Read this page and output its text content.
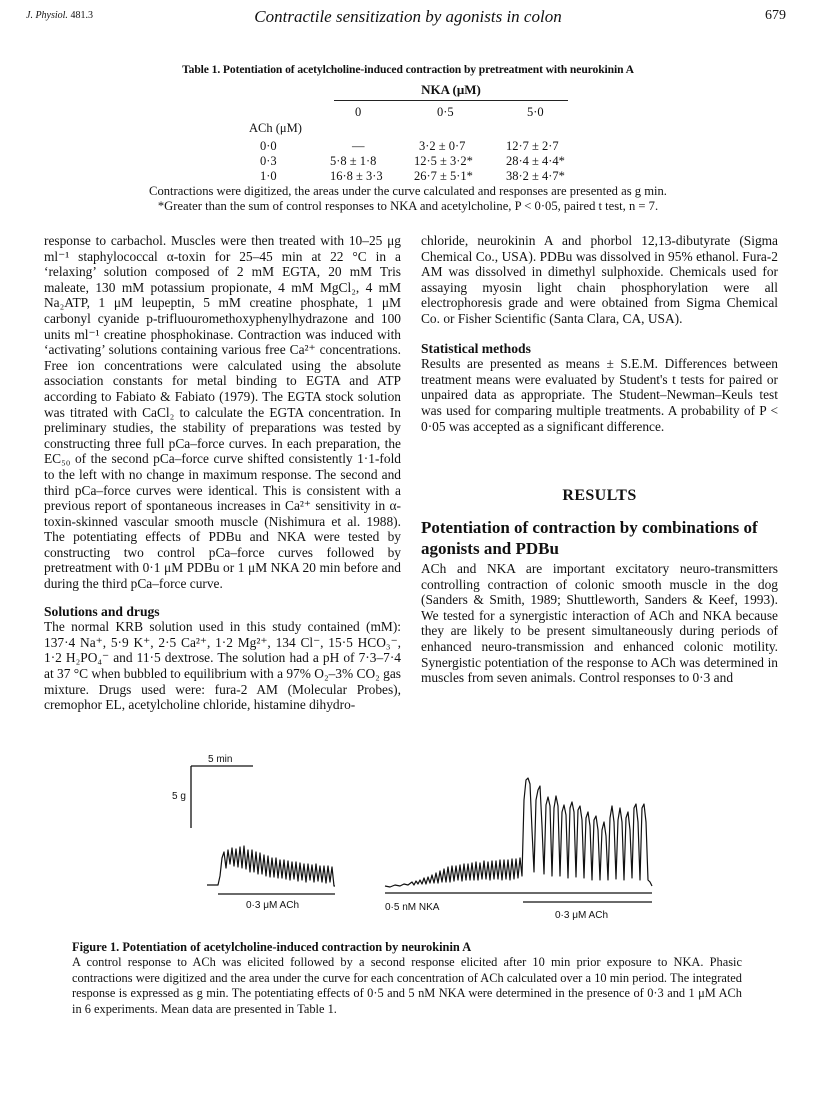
J. Physiol. 481.3	Contractile sensitization by agonists in colon	679
Table 1. Potentiation of acetylcholine-induced contraction by pretreatment with neurokinin A
NKA (μM)
ACh (μM)
0	0·5	5·0
0·0	—	3·2 ± 0·7	12·7 ± 2·7
0·3	5·8 ± 1·8	12·5 ± 3·2*	28·4 ± 4·4*
1·0	16·8 ± 3·3	26·7 ± 5·1*	38·2 ± 4·7*
Contractions were digitized, the areas under the curve calculated and responses are presented as g min.
*Greater than the sum of control responses to NKA and acetylcholine, P < 0·05, paired t test, n = 7.

response to carbachol. Muscles were then treated with 10–25 μg ml⁻¹ staphylococcal α-toxin for 25–45 min at 22 °C in a ‘relaxing’ solution composed of 2 mM EGTA, 20 mM Tris maleate, 130 mM potassium propionate, 4 mM MgCl₂, 4 mM Na₂ATP, 1 μM leupeptin, 5 mM creatine phosphate, 1 μM carbonyl cyanide p-trifluouromethoxyphenylhydrazone and 100 units ml⁻¹ creatine phosphokinase. Contraction was induced with ‘activating’ solutions containing various free Ca²⁺ concentrations. Free ion concentrations were calculated using the absolute association constants for metal binding to EGTA and ATP according to Fabiato & Fabiato (1979). The EGTA stock solution was titrated with CaCl₂ to calculate the EGTA concentration. In preliminary studies, the stability of preparations was tested by constructing three full pCa–force curves. In each preparation, the EC₅₀ of the second pCa–force curve shifted consistently 1·1-fold to the left with no change in maximum response. The second and third pCa–force curves were identical. This is consistent with a previous report of spontaneous increases in Ca²⁺ sensitivity in α-toxin-skinned vascular smooth muscle (Nishimura et al. 1988). The potentiating effects of PDBu and NKA were tested by constructing two control pCa–force curves followed by pretreatment with 0·1 μM PDBu or 1 μM NKA 20 min before and during the third pCa–force curve.

Solutions and drugs

The normal KRB solution used in this study contained (mM): 137·4 Na⁺, 5·9 K⁺, 2·5 Ca²⁺, 1·2 Mg²⁺, 134 Cl⁻, 15·5 HCO₃⁻, 1·2 H₂PO₄⁻ and 11·5 dextrose. The solution had a pH of 7·3–7·4 at 37 °C when bubbled to equilibrium with a 97% O₂–3% CO₂ gas mixture. Drugs used were: fura-2 AM (Molecular Probes), cremophor EL, acetylcholine chloride, histamine dihydro-

chloride, neurokinin A and phorbol 12,13-dibutyrate (Sigma Chemical Co., USA). PDBu was dissolved in 95% ethanol. Fura-2 AM was dissolved in dimethyl sulphoxide. Chemicals used for assaying myosin light chain phosphorylation were all electrophoresis grade and were obtained from Sigma Chemical Co. or Fisher Scientific (Santa Clara, CA, USA).

Statistical methods

Results are presented as means ± S.E.M. Differences between treatment means were evaluated by Student's t tests for paired or unpaired data as appropriate. The Student–Newman–Keuls test was used for comparing multiple treatments. A probability of P < 0·05 was accepted as a significant difference.

RESULTS
Potentiation of contraction by combinations of agonists and PDBu

ACh and NKA are important excitatory neuro-transmitters controlling contraction of colonic smooth muscle in the dog (Sanders & Smith, 1989; Shuttleworth, Sanders & Keef, 1993). We tested for a synergistic interaction of ACh and NKA because they are likely to be present simultaneously during periods of enhanced neuro-transmission and enhanced colonic motility. Synergistic potentiation of the response to ACh was determined in muscles from seven animals. Control responses to 0·3 and

5 min
5 g
0·3 μM ACh	0·5 nM NKA
0·3 μM ACh
Figure 1. Potentiation of acetylcholine-induced contraction by neurokinin A
A control response to ACh was elicited followed by a second response elicited after 10 min prior exposure to NKA. Phasic contractions were digitized and the area under the curve for each concentration of ACh calculated over a 10 min period. The integrated response is expressed as g min. The potentiating effects of 0·5 and 5 nM NKA were determined in the presence of 0·3 and 1 μM ACh in 6 experiments. Mean data are presented in Table 1.
